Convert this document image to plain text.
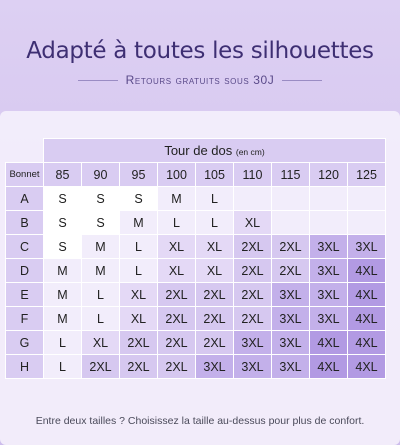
Adapté à toutes les silhouettes
Retours gratuits sous 30J
	Tour de dos (en cm)								
Bonnet	85	90	95	100	105	110	115	120	125
A	S	S	S	M	L				
B	S	S	M	L	L	XL			
C	S	M	L	XL	XL	2XL	2XL	3XL	3XL
D	M	M	L	XL	XL	2XL	2XL	3XL	4XL
E	M	L	XL	2XL	2XL	2XL	3XL	3XL	4XL
F	M	L	XL	2XL	2XL	2XL	3XL	3XL	4XL
G	L	XL	2XL	2XL	2XL	3XL	3XL	4XL	4XL
H	L	2XL	2XL	2XL	3XL	3XL	3XL	4XL	4XL
Entre deux tailles ? Choisissez la taille au-dessus pour plus de confort.
